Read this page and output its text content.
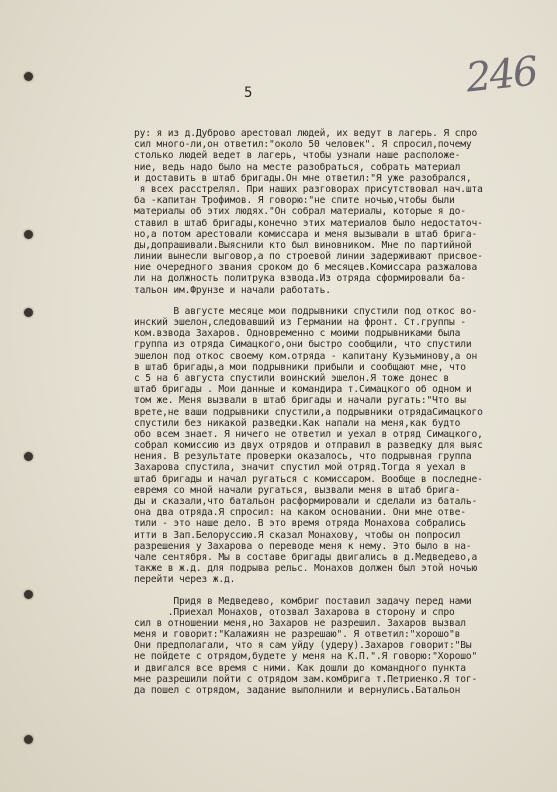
5	246
ру: я из д.Дуброво арестовал людей, их ведут в лагерь. Я спро
сил много-ли,он ответил:"около 50 человек". Я спросил,почему
столько людей ведет в лагерь, чтобы узнали наше расположе-
ние, ведь надо было на месте разобраться, собрать материал
и доставить в штаб бригады.Он мне ответил:"Я уже разобрался,
я всех расстрелял. При наших разговорах присутствовал нач.шта
ба -капитан Трофимов. Я говорю:"не спите ночью,чтобы были
материалы об этих людях."Он собрал материалы, которые я до-
ставил в штаб бригады,конечно этих материалов было недостаточ-
но,а потом арестовали комиссара и меня вызывали в штаб брига-
ды,допрашивали.Выяснили кто был виновником. Мне по партийной
линии вынесли выговор,а по строевой линии задерживают присвое-
ние очередного звания сроком до 6 месяцев.Комиссара разжалова
ли на должность политрука взвода.Из отряда сформировали ба-
тальон им.Фрунзе и начали работать.
В августе месяце мои подрывники спустили под откос во-
инский эшелон,следовавший из Германии на фронт. Ст.группы -
ком.взвода Захаров. Одновременно с моими подрывниками была
группа из отряда Симацкого,они быстро сообщили, что спустили
эшелон под откос своему ком.отряда - капитану Кузьминову,а он
в штаб бригады,а мои подрывники прибыли и сообщают мне, что
с 5 на 6 августа спустили воинский эшелон.Я тоже донес в
штаб бригады . Мои данные и командира т.Симацкого об одном и
том же. Меня вызвали в штаб бригады и начали ругать:"Что вы
врете,не ваши подрывники спустили,а подрывники отрядаСимацкого
спустили без никакой разведки.Как напали на меня,как будто
обо всем знает. Я ничего не ответил и уехал в отряд Симацкого,
собрал комиссию из двух отрядов и отправил в разведку для выяс
нения. В результате проверки оказалось, что подрывная группа
Захарова спустила, значит спустил мой отряд.Тогда я уехал в
штаб бригады и начал ругаться с комиссаром. Вообще в последне-
евремя со мной начали ругаться, вызвали меня в штаб брига-
ды и сказали,что батальон расформировали и сделали из баталь-
она два отряда.Я спросил: на каком основании. Они мне отве-
тили - это наше дело. В это время отряда Монахова собрались
итти в Зап.Белоруссию.Я сказал Монахову, чтобы он попросил
разрешения у Захарова о переводе меня к нему. Это было в на-
чале сентября. Мы в составе бригады двигались в д.Медведево,а
также в ж.д. для подрыва рельс. Монахов должен был этой ночью
перейти через ж.д.
Придя в Медведево, комбриг поставил задачу перед нами
.Приехал Монахов, отозвал Захарова в сторону и спро
сил в отношении меня,но Захаров не разрешил. Захаров вызвал
меня и говорит:"Калажиян не разрешаю". Я ответил:"хорошо"в
Они предполагали, что я сам уйду (удеру).Захаров говорит:"Вы
не пойдете с отрядом,будете у меня на К.П.".Я говорю:"Хорошо"
и двигался все время с ними. Как дошли до командного пункта
мне разрешили пойти с отрядом зам.комбрига т.Петриенко.Я тог-
да пошел с отрядом, задание выполнили и вернулись.Батальон
